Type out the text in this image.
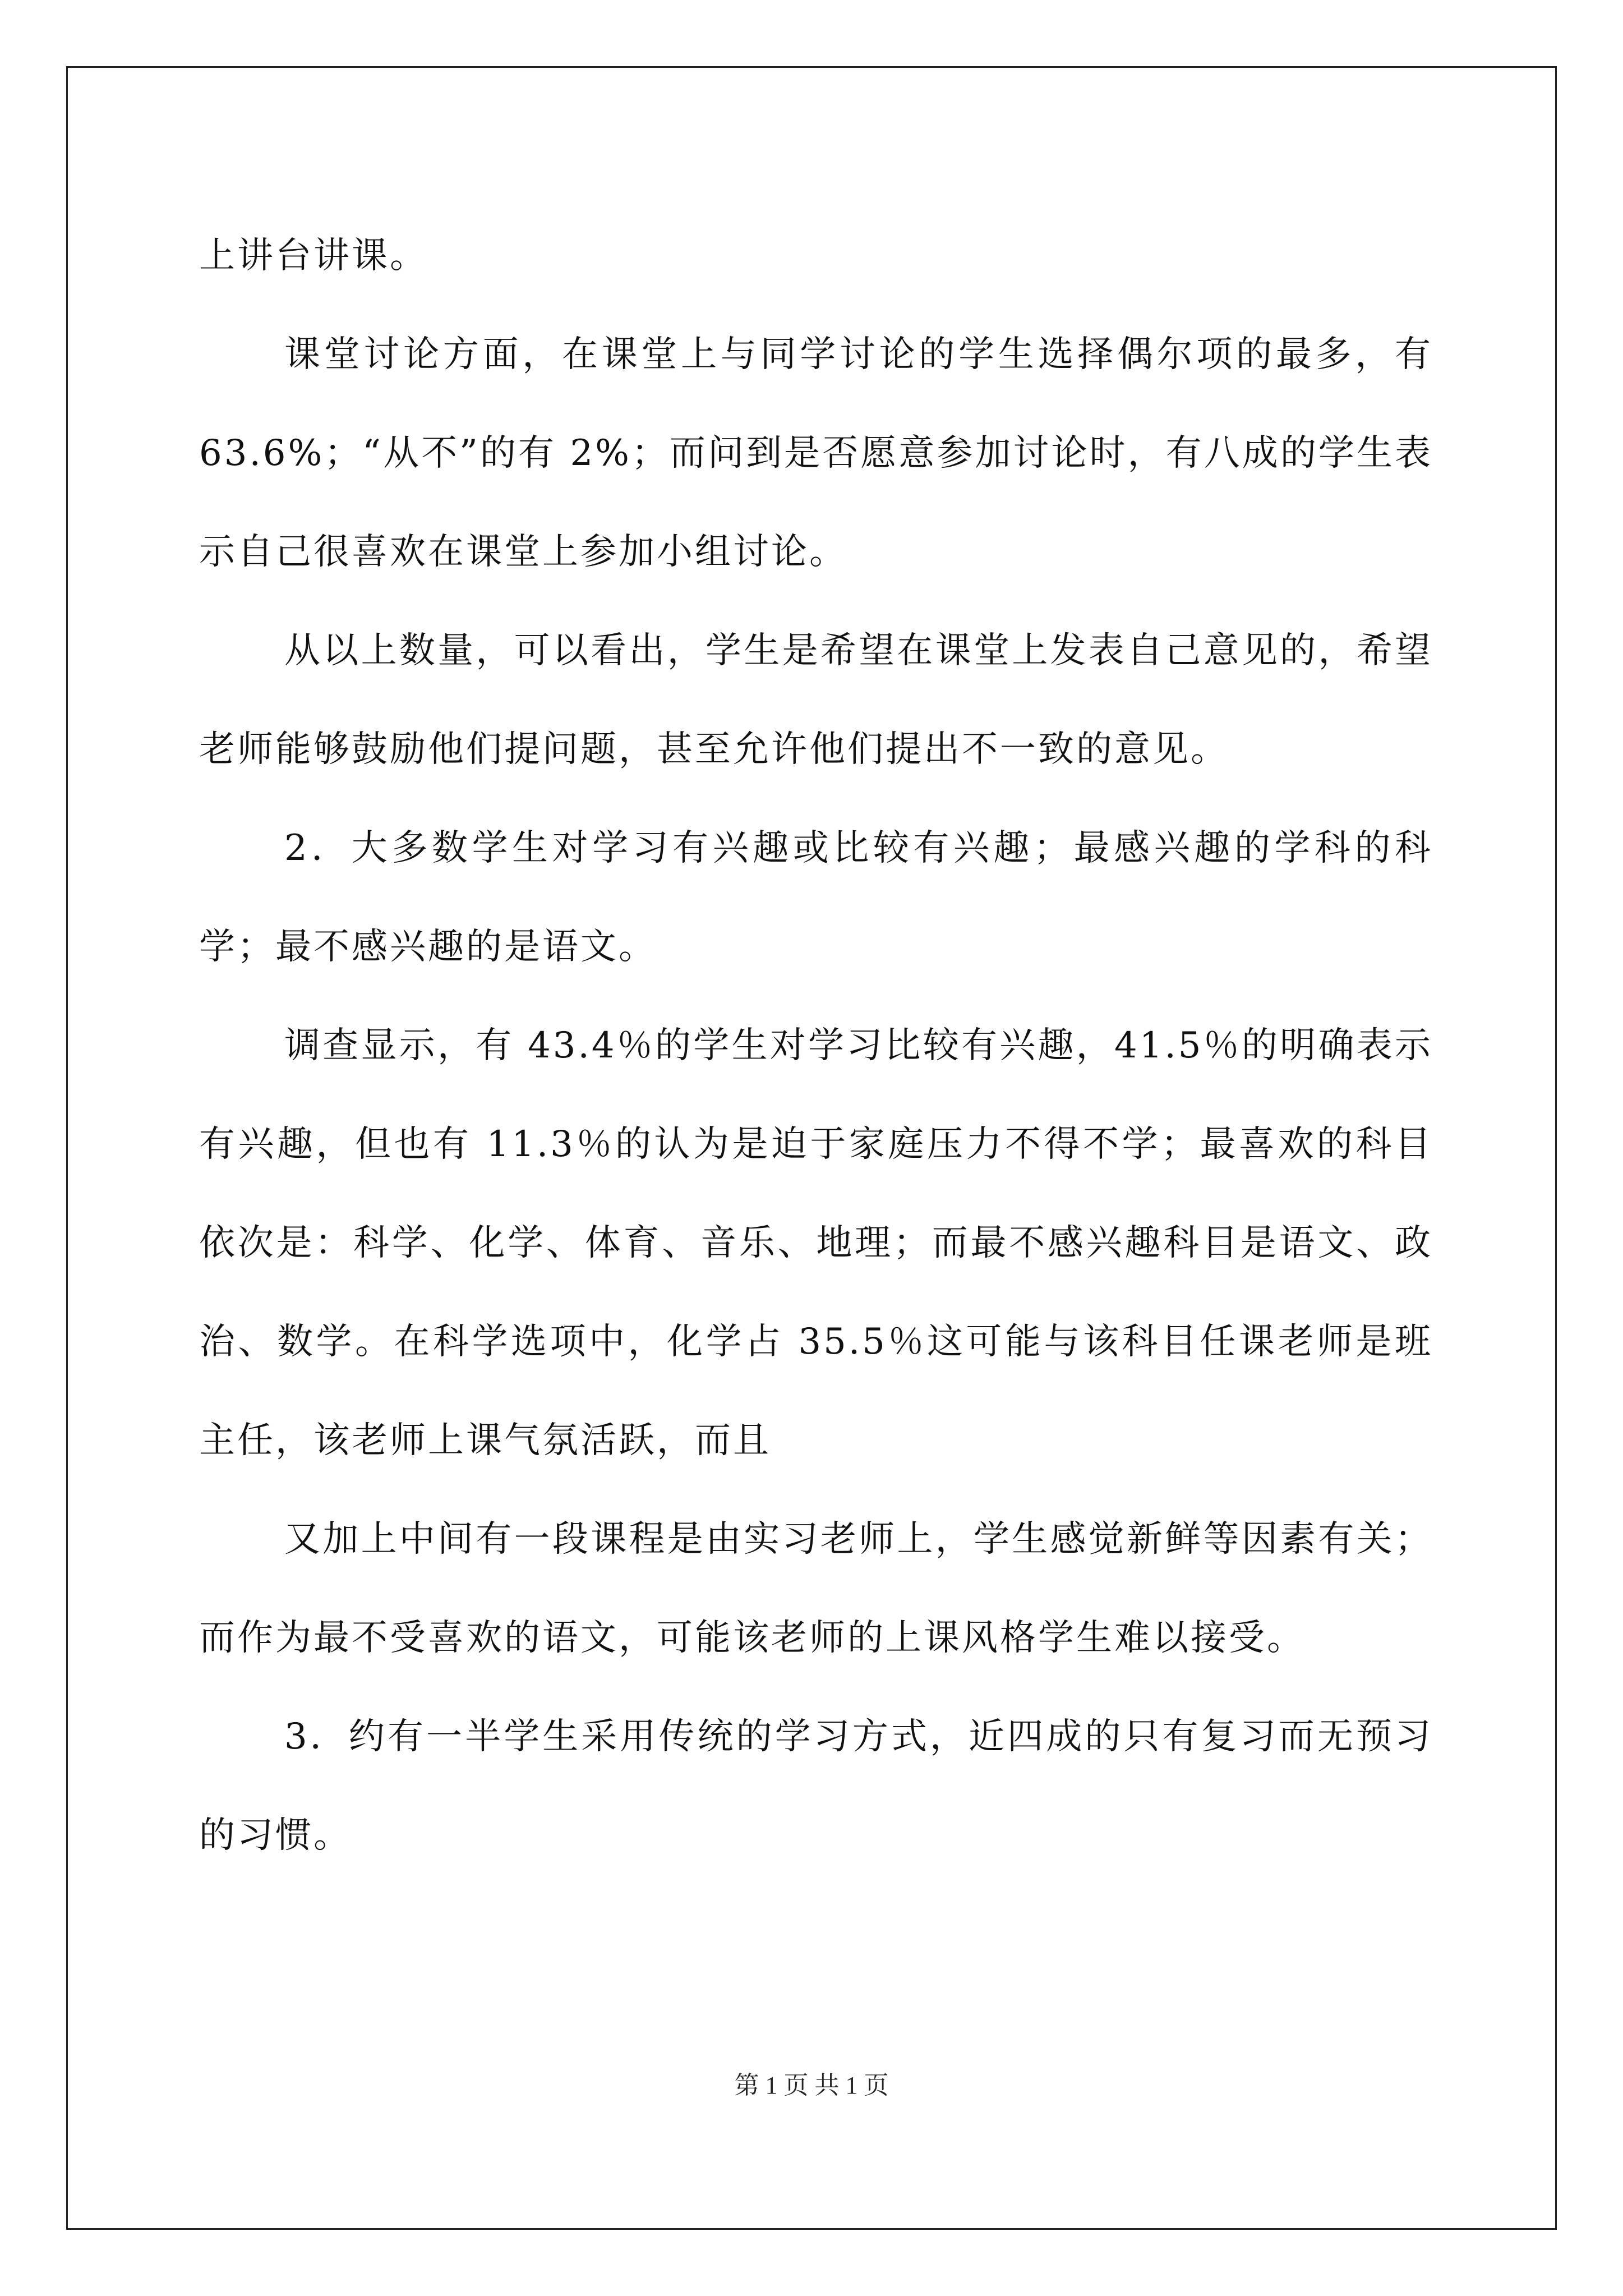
上讲台讲课。

课堂讨论方面，在课堂上与同学讨论的学生选择偶尔项的最多，有 63.6%；“从不”的有 2%；而问到是否愿意参加讨论时，有八成的学生表示自己很喜欢在课堂上参加小组讨论。

从以上数量，可以看出，学生是希望在课堂上发表自己意见的，希望老师能够鼓励他们提问题，甚至允许他们提出不一致的意见。

2．大多数学生对学习有兴趣或比较有兴趣；最感兴趣的学科的科学；最不感兴趣的是语文。

调查显示，有 43.4％的学生对学习比较有兴趣，41.5％的明确表示有兴趣，但也有 11.3％的认为是迫于家庭压力不得不学；最喜欢的科目依次是：科学、化学、体育、音乐、地理；而最不感兴趣科目是语文、政治、数学。在科学选项中，化学占 35.5％这可能与该科目任课老师是班主任，该老师上课气氛活跃，而且

又加上中间有一段课程是由实习老师上，学生感觉新鲜等因素有关；而作为最不受喜欢的语文，可能该老师的上课风格学生难以接受。

3．约有一半学生采用传统的学习方式，近四成的只有复习而无预习的习惯。

第 1 页 共 1 页
